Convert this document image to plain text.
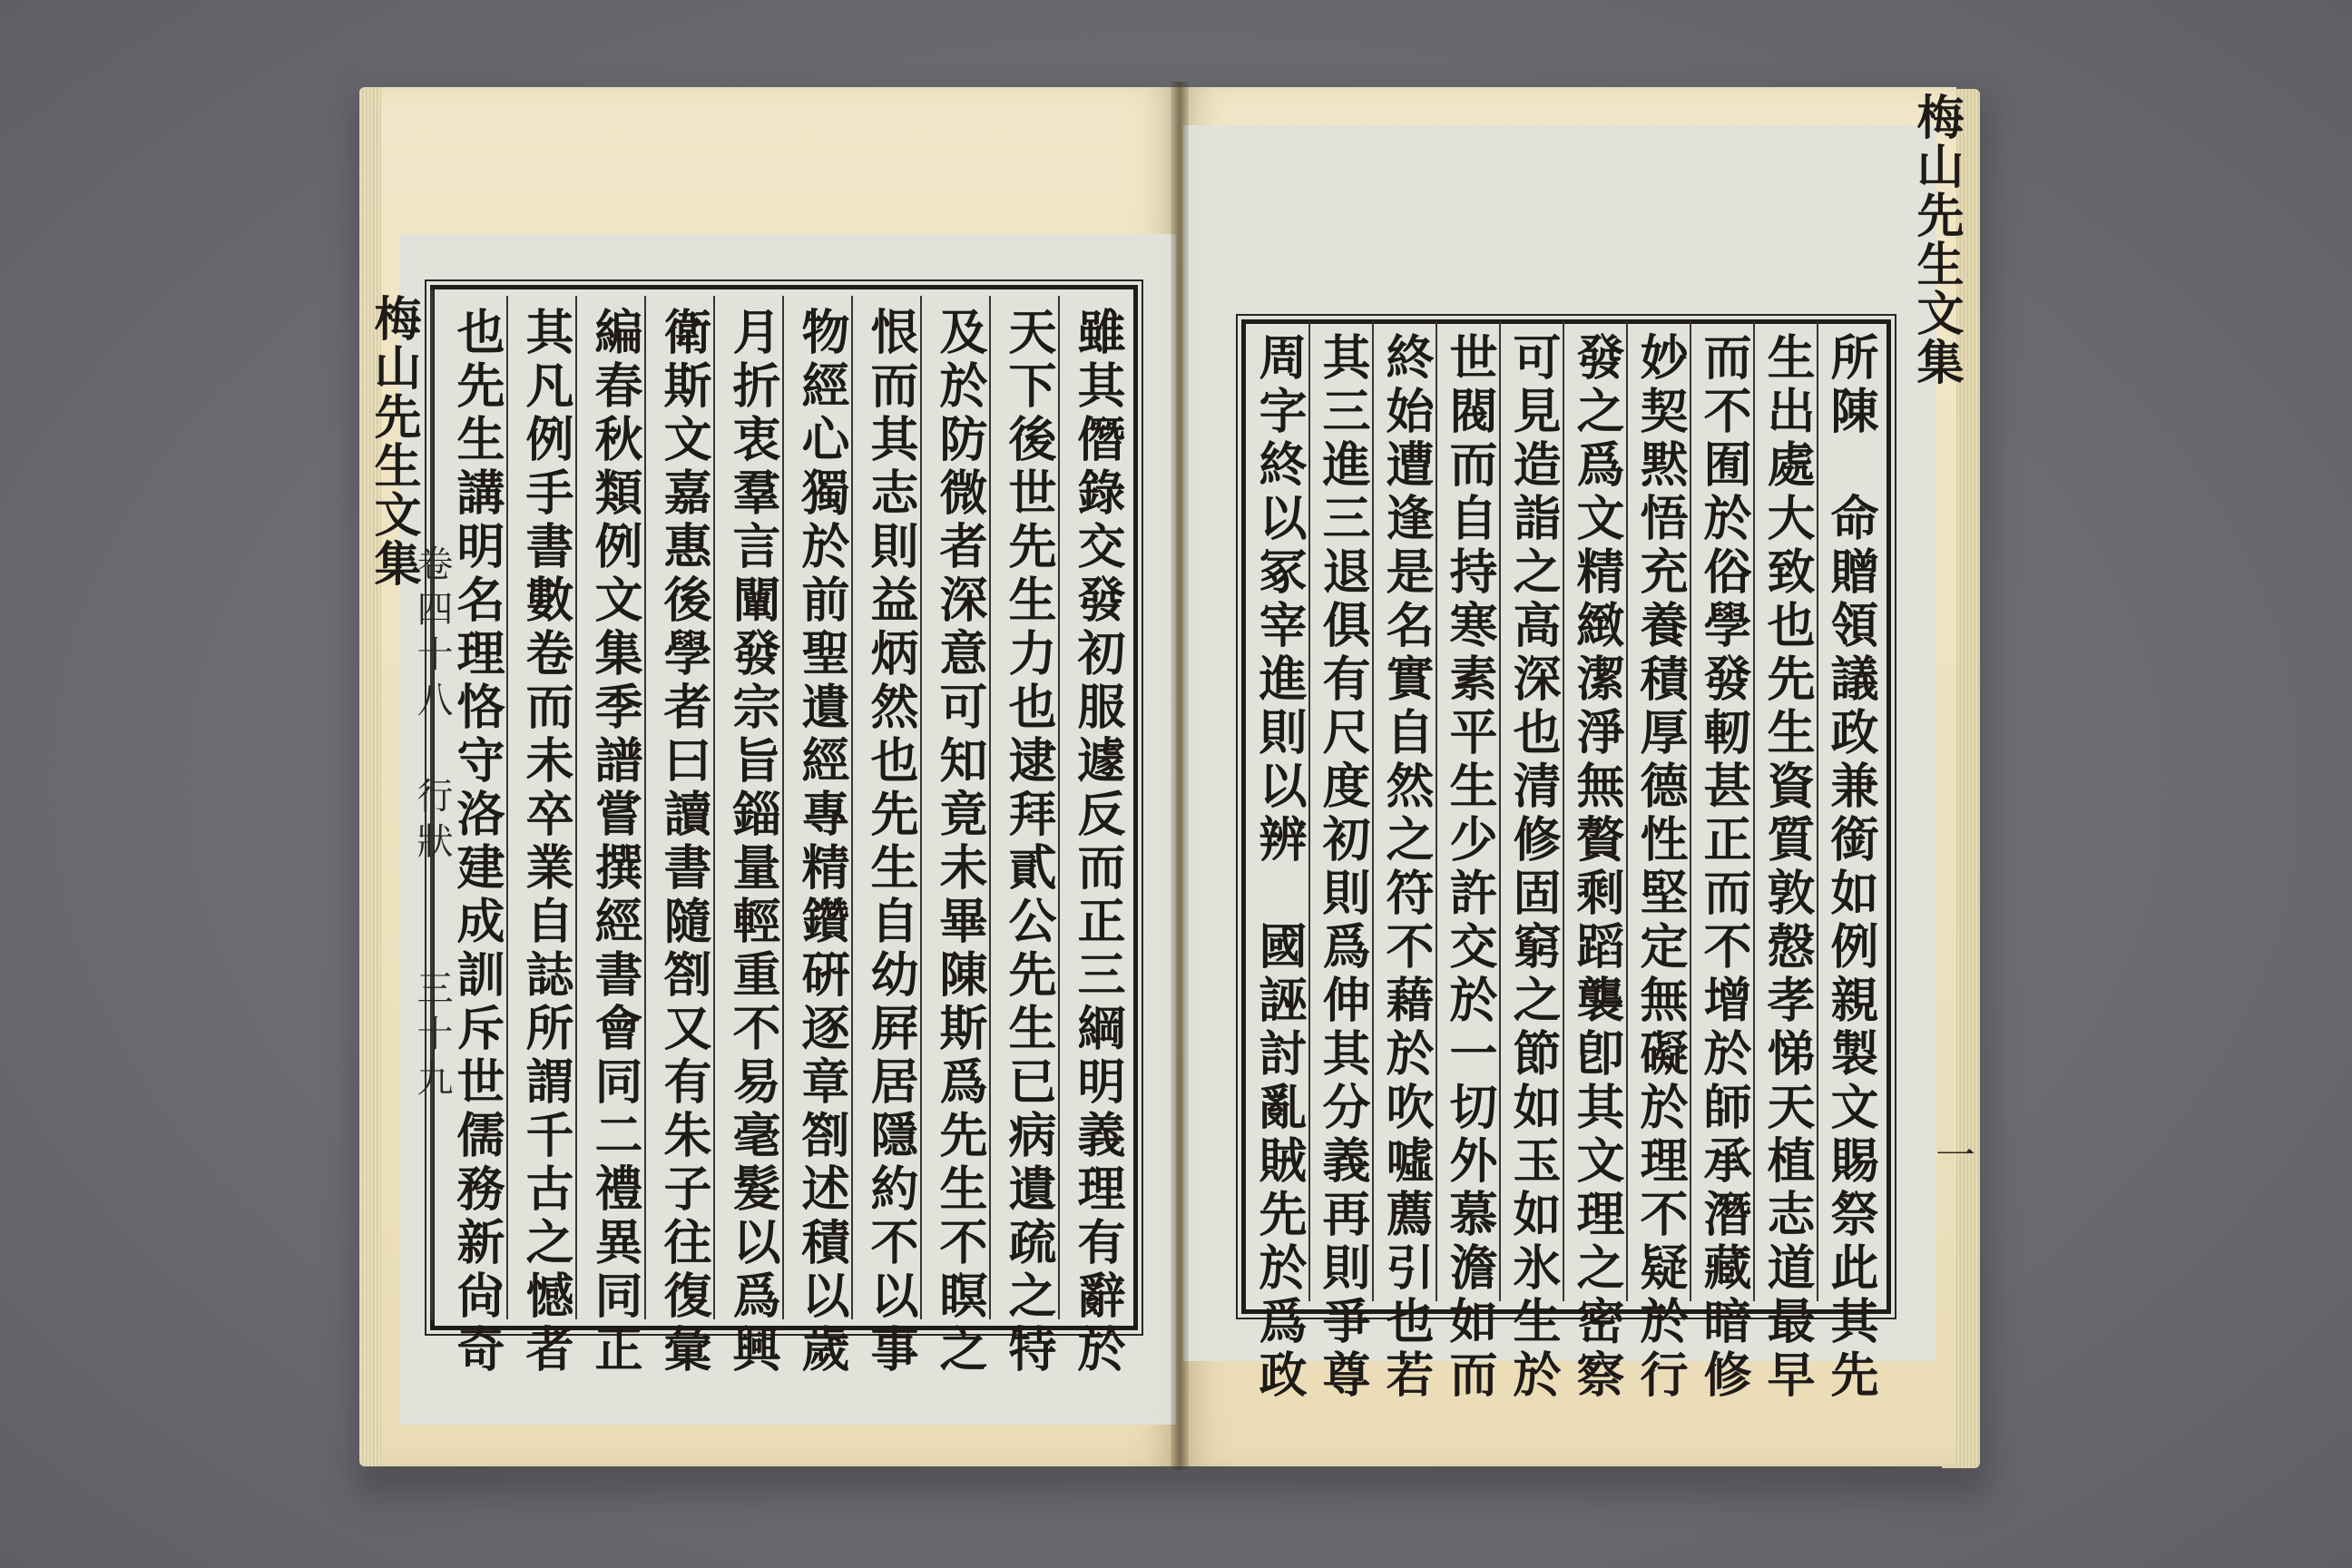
梅山先生文集
卷四十八
行狀
三十九	雖其僭錄交發初服遽反而正三綱明義理有辭於
天下後世先生力也逮拜貳公先生已病遺疏之特
及於防微者深意可知竟未畢陳斯爲先生不瞑之
恨而其志則益炳然也先生自幼屛居隱約不以事
物經心獨於前聖遺經專精鑽硏逐章劄述積以歲
月折衷羣言闡發宗旨錙量輕重不易毫髮以爲興
衛斯文嘉惠後學者曰讀書隨劄又有朱子往復彙
編春秋類例文集季譜嘗撰經書會同二禮異同正
其凡例手書數卷而未卒業自誌所謂千古之憾者
也先生講明名理恪守洛建成訓斥世儒務新尙奇
梅山先生文集
一
所陳　命贈領議政兼銜如例親製文賜祭此其先
生出處大致也先生資質敦慤孝悌天植志道最早
而不囿於俗學發軔甚正而不增於師承潛藏暗修
妙契黙悟充養積厚德性堅定無礙於理不疑於行
發之爲文精緻潔淨無贅剩蹈襲卽其文理之密察
可見造詣之高深也清修固窮之節如玉如氷生於
世閥而自持寒素平生少許交於一切外慕澹如而
終始遭逢是名實自然之符不藉於吹噓薦引也若
其三進三退俱有尺度初則爲伸其分義再則爭尊
周字終以冢宰進則以辨　國誣討亂賊先於爲政
